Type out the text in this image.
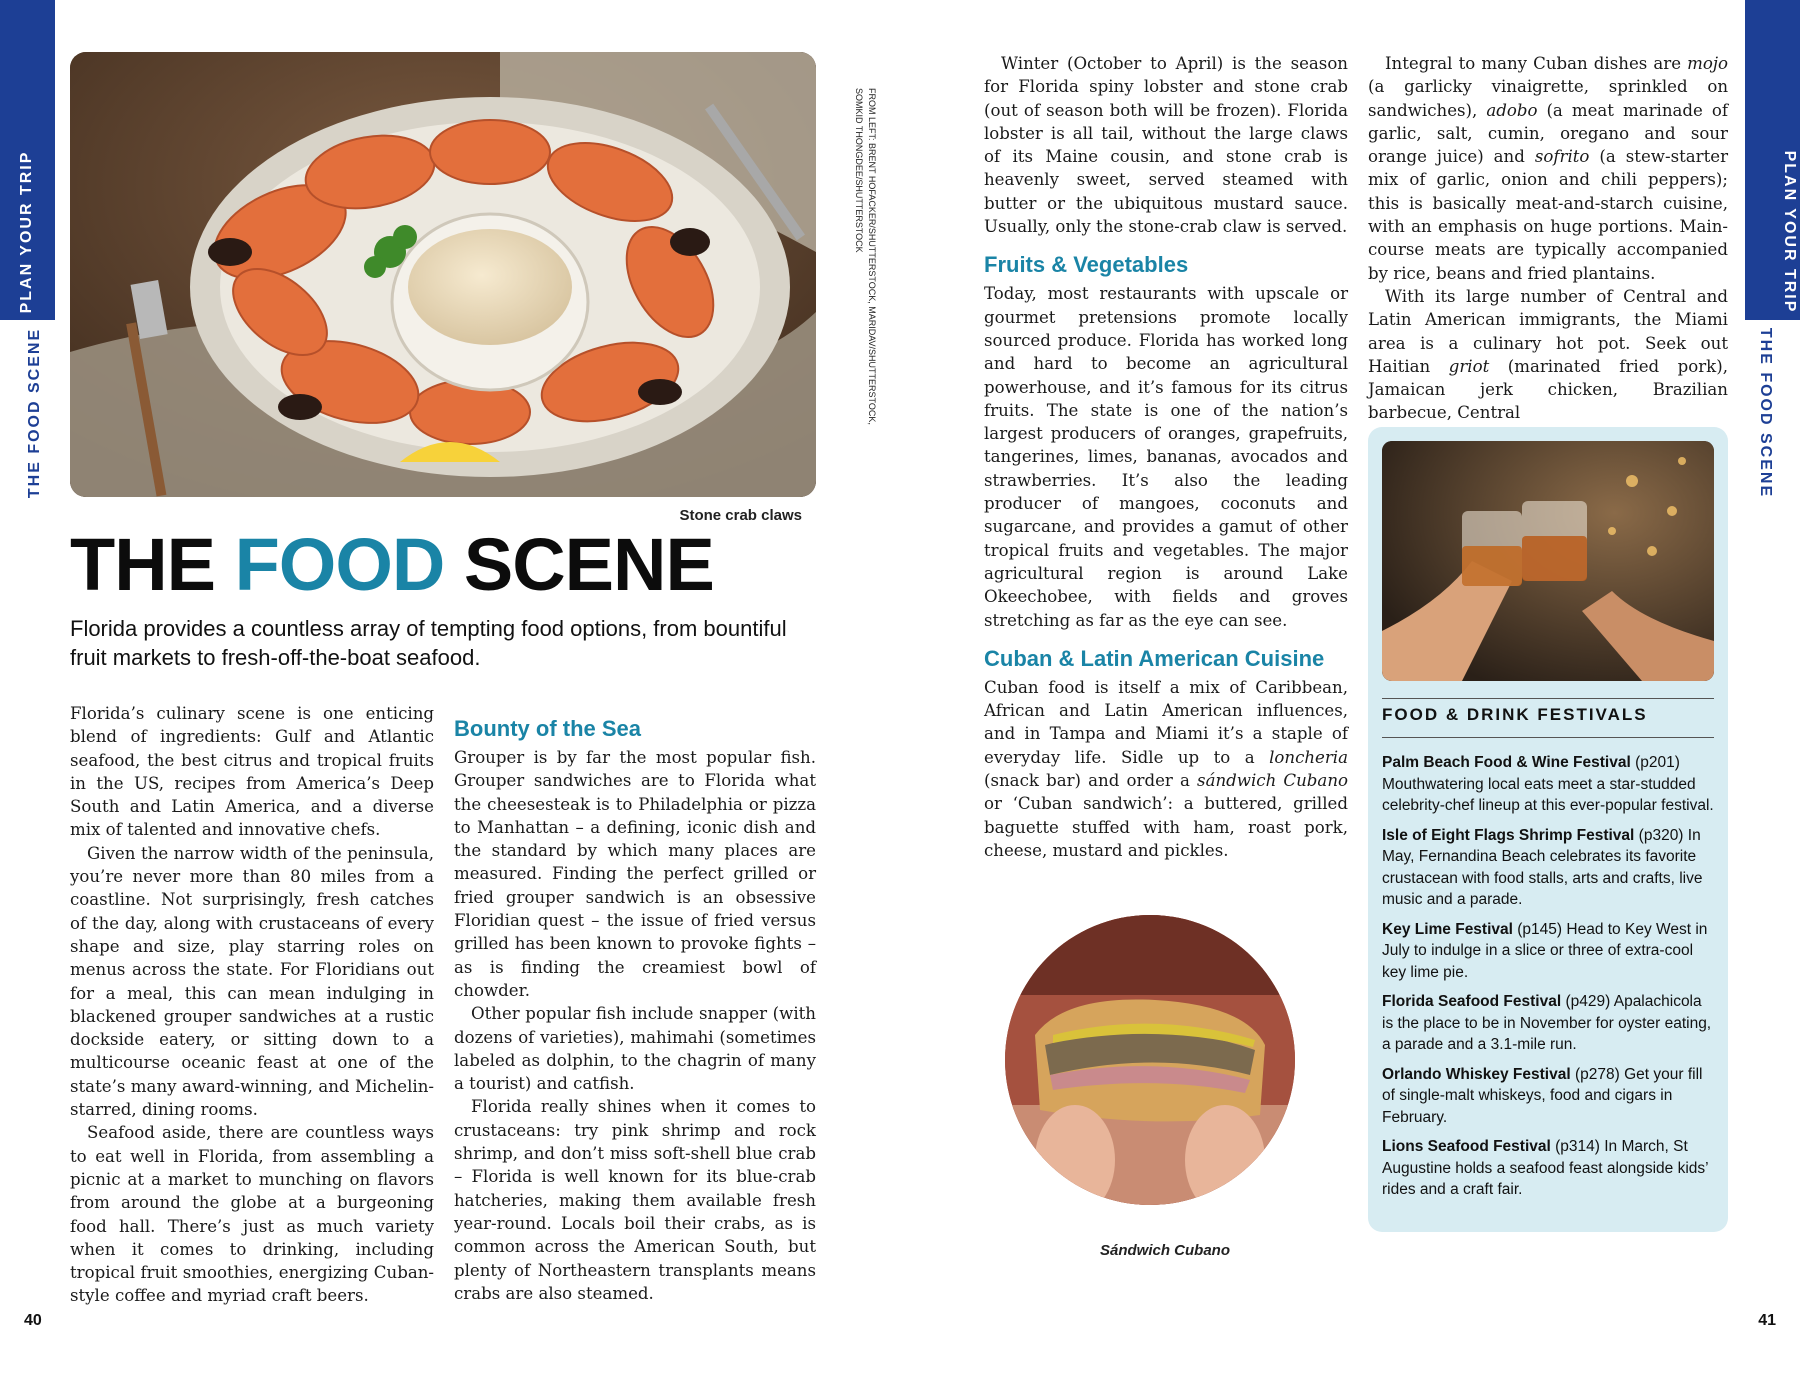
PLAN YOUR TRIP
THE FOOD SCENE
FROM LEFT: BRENT HOFACKER/SHUTTERSTOCK, MARIDAV/SHUTTERSTOCK,
SOMKID THONGDEE/SHUTTERSTOCK
Stone crab claws
THE FOOD SCENE
Florida provides a countless array of tempting food options, from bountiful fruit markets to fresh-off-the-boat seafood.

Florida’s culinary scene is one enticing blend of ingredients: Gulf and Atlantic seafood, the best citrus and tropical fruits in the US, recipes from America’s Deep South and Latin America, and a diverse mix of talented and innovative chefs.

Given the narrow width of the peninsula, you’re never more than 80 miles from a coastline. Not surprisingly, fresh catches of the day, along with crustaceans of every shape and size, play starring roles on menus across the state. For Floridians out for a meal, this can mean indulging in blackened grouper sandwiches at a rustic dockside eatery, or sitting down to a multicourse oceanic feast at one of the state’s many award-winning, and Michelin-starred, dining rooms.

Seafood aside, there are countless ways to eat well in Florida, from assembling a picnic at a market to munching on flavors from around the globe at a burgeoning food hall. There’s just as much variety when it comes to drinking, including tropical fruit smoothies, energizing Cuban-style coffee and myriad craft beers.

Bounty of the Sea

Grouper is by far the most popular fish. Grouper sandwiches are to Florida what the cheesesteak is to Philadelphia or pizza to Manhattan – a defining, iconic dish and the standard by which many places are measured. Finding the perfect grilled or fried grouper sandwich is an obsessive Floridian quest – the issue of fried versus grilled has been known to provoke fights – as is finding the creamiest bowl of chowder.

Other popular fish include snapper (with dozens of varieties), mahimahi (sometimes labeled as dolphin, to the chagrin of many a tourist) and catfish.

Florida really shines when it comes to crustaceans: try pink shrimp and rock shrimp, and don’t miss soft-shell blue crab – Florida is well known for its blue-crab hatcheries, making them available fresh year-round. Locals boil their crabs, as is common across the American South, but plenty of Northeastern transplants means crabs are also steamed.

40
PLAN YOUR TRIP
THE FOOD SCENE

Winter (October to April) is the season for Florida spiny lobster and stone crab (out of season both will be frozen). Florida lobster is all tail, without the large claws of its Maine cousin, and stone crab is heavenly sweet, served steamed with butter or the ubiquitous mustard sauce. Usually, only the stone-crab claw is served.

Fruits & Vegetables

Today, most restaurants with upscale or gourmet pretensions promote locally sourced produce. Florida has worked long and hard to become an agricultural powerhouse, and it’s famous for its citrus fruits. The state is one of the nation’s largest producers of oranges, grapefruits, tangerines, limes, bananas, avocados and strawberries. It’s also the leading producer of mangoes, coconuts and sugarcane, and provides a gamut of other tropical fruits and vegetables. The major agricultural region is around Lake Okeechobee, with fields and groves stretching as far as the eye can see.

Cuban & Latin American Cuisine

Cuban food is itself a mix of Caribbean, African and Latin American influences, and in Tampa and Miami it’s a staple of everyday life. Sidle up to a loncheria (snack bar) and order a sándwich Cubano or ‘Cuban sandwich’: a buttered, grilled baguette stuffed with ham, roast pork, cheese, mustard and pickles.

Sándwich Cubano

Integral to many Cuban dishes are mojo (a garlicky vinaigrette, sprinkled on sandwiches), adobo (a meat marinade of garlic, salt, cumin, oregano and sour orange juice) and sofrito (a stew-starter mix of garlic, onion and chili peppers); this is basically meat-and-starch cuisine, with an emphasis on huge portions. Main-course meats are typically accompanied by rice, beans and fried plantains.

With its large number of Central and Latin American immigrants, the Miami area is a culinary hot pot. Seek out Haitian griot (marinated fried pork), Jamaican jerk chicken, Brazilian barbecue, Central

FOOD & DRINK FESTIVALS
Palm Beach Food & Wine Festival (p201) Mouthwatering local eats meet a star-studded celebrity-chef lineup at this ever-popular festival.
Isle of Eight Flags Shrimp Festival (p320) In May, Fernandina Beach celebrates its favorite crustacean with food stalls, arts and crafts, live music and a parade.
Key Lime Festival (p145) Head to Key West in July to indulge in a slice or three of extra-cool key lime pie.
Florida Seafood Festival (p429) Apalachicola is the place to be in November for oyster eating, a parade and a 3.1-mile run.
Orlando Whiskey Festival (p278) Get your fill of single-malt whiskeys, food and cigars in February.
Lions Seafood Festival (p314) In March, St Augustine holds a seafood feast alongside kids’ rides and a craft fair.
41
